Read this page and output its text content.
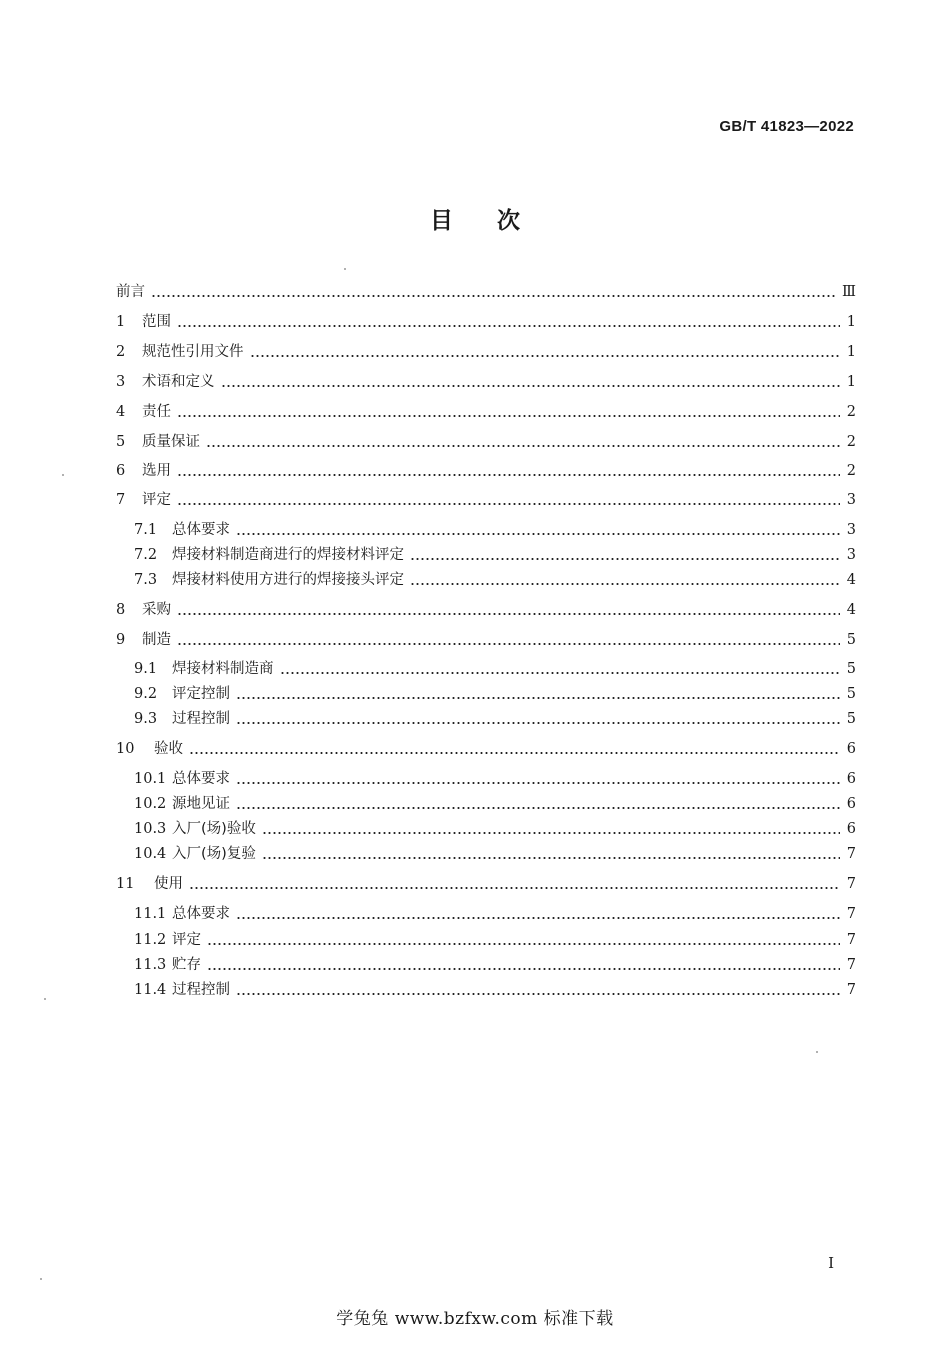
GB/T 41823—2022
目次
前言	Ⅲ
1	范围	1
2	规范性引用文件	1
3	术语和定义	1
4	责任	2
5	质量保证	2
6	选用	2
7	评定	3
7.1	总体要求	3
7.2	焊接材料制造商进行的焊接材料评定	3
7.3	焊接材料使用方进行的焊接接头评定	4
8	采购	4
9	制造	5
9.1	焊接材料制造商	5
9.2	评定控制	5
9.3	过程控制	5
10	验收	6
10.1 总体要求	6
10.2 源地见证	6
10.3 入厂(场)验收	6
10.4 入厂(场)复验	7
11	使用	7
11.1 总体要求	7
11.2 评定	7
11.3 贮存	7
11.4 过程控制	7
I
学兔兔 www.bzfxw.com 标准下载
